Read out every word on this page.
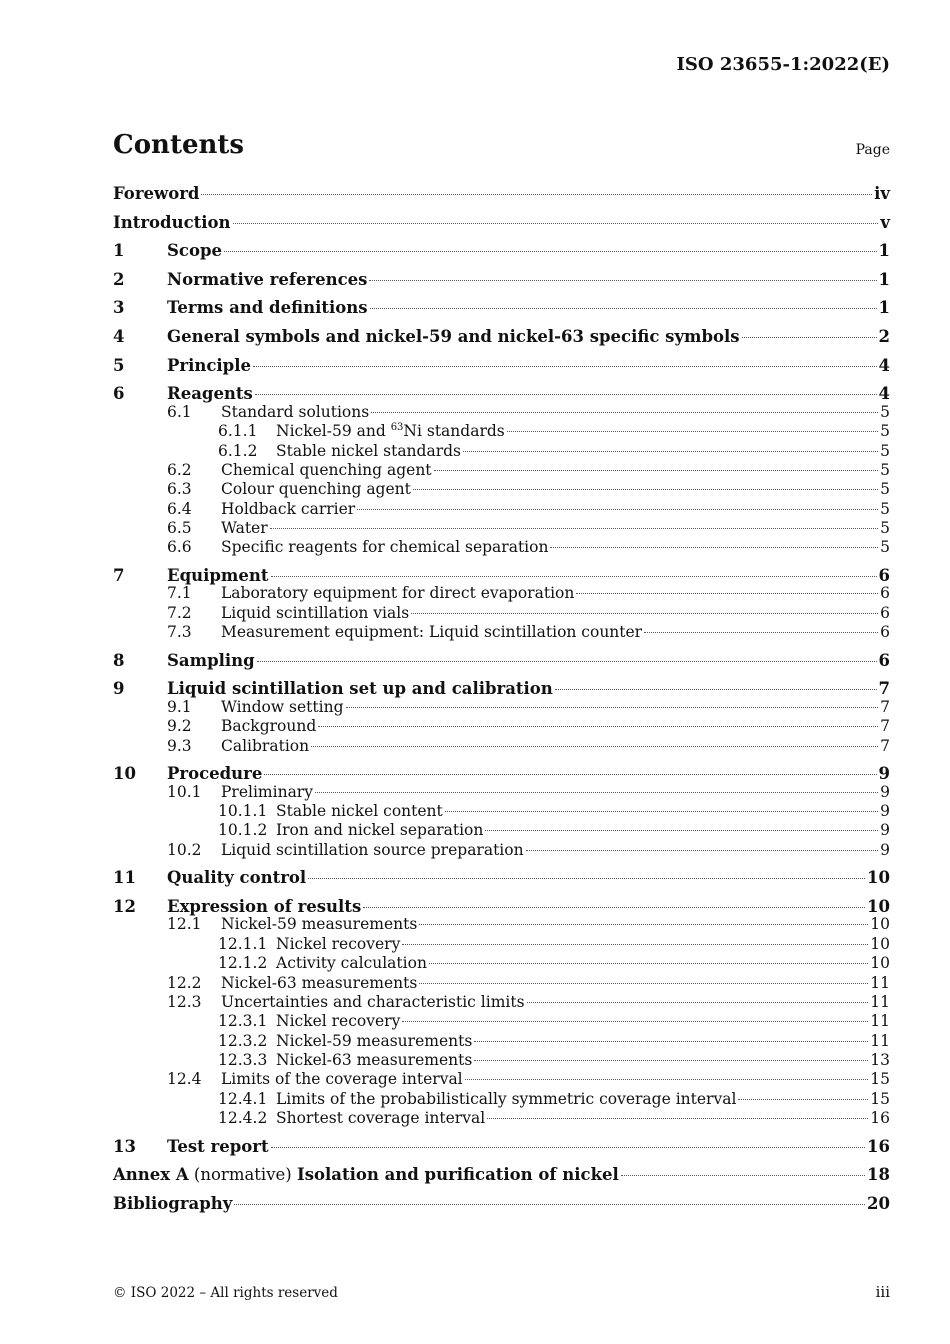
ISO 23655-1:2022(E)
Contents	Page
Foreword	iv
Introduction	v
1	Scope	1
2	Normative references	1
3	Terms and definitions	1
4	General symbols and nickel-59 and nickel-63 specific symbols	2
5	Principle	4
6	Reagents	4
6.1	Standard solutions	5
6.1.1	Nickel-59 and $^{63}$Ni standards	5
6.1.2	Stable nickel standards	5
6.2	Chemical quenching agent	5
6.3	Colour quenching agent	5
6.4	Holdback carrier	5
6.5	Water	5
6.6	Specific reagents for chemical separation	5
7	Equipment	6
7.1	Laboratory equipment for direct evaporation	6
7.2	Liquid scintillation vials	6
7.3	Measurement equipment: Liquid scintillation counter	6
8	Sampling	6
9	Liquid scintillation set up and calibration	7
9.1	Window setting	7
9.2	Background	7
9.3	Calibration	7
10	Procedure	9
10.1	Preliminary	9
10.1.1 Stable nickel content	9
10.1.2 Iron and nickel separation	9
10.2	Liquid scintillation source preparation	9
11	Quality control	10
12	Expression of results	10
12.1	Nickel-59 measurements	10
12.1.1 Nickel recovery	10
12.1.2 Activity calculation	10
12.2	Nickel-63 measurements	11
12.3	Uncertainties and characteristic limits	11
12.3.1 Nickel recovery	11
12.3.2 Nickel-59 measurements	11
12.3.3 Nickel-63 measurements	13
12.4	Limits of the coverage interval	15
12.4.1 Limits of the probabilistically symmetric coverage interval	15
12.4.2 Shortest coverage interval	16
13	Test report	16
Annex A (normative) Isolation and purification of nickel	18
Bibliography	20
© ISO 2022 – All rights reserved	iii
